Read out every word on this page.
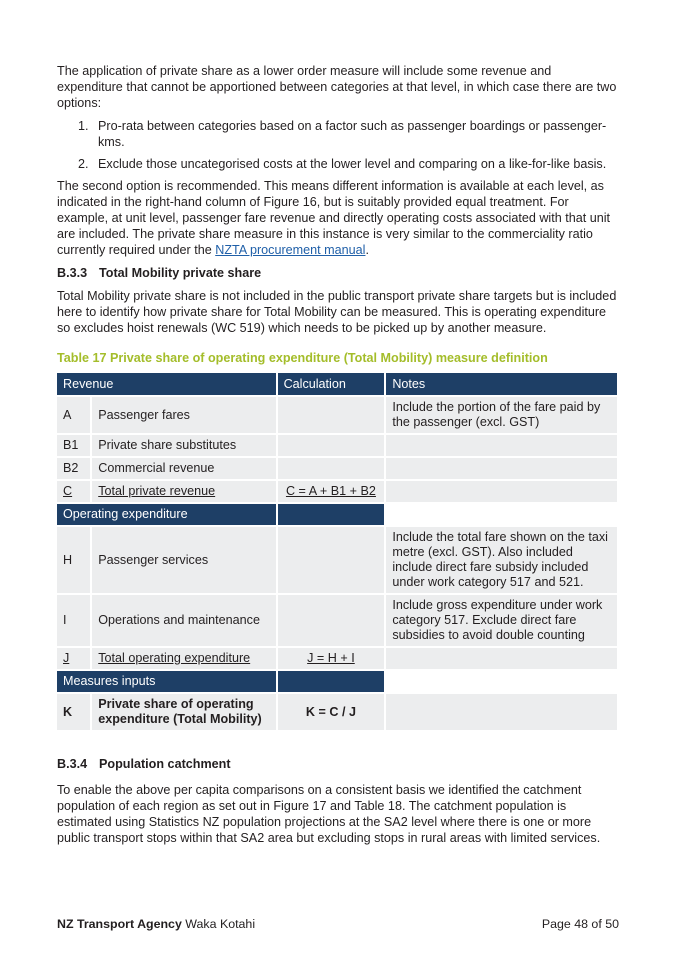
The application of private share as a lower order measure will include some revenue and expenditure that cannot be apportioned between categories at that level, in which case there are two options:

1. Pro-rata between categories based on a factor such as passenger boardings or passenger-kms.
2. Exclude those uncategorised costs at the lower level and comparing on a like-for-like basis.

The second option is recommended. This means different information is available at each level, as indicated in the right-hand column of Figure 16, but is suitably provided equal treatment. For example, at unit level, passenger fare revenue and directly operating costs associated with that unit are included. The private share measure in this instance is very similar to the commerciality ratio currently required under the NZTA procurement manual.

B.3.3 Total Mobility private share

Total Mobility private share is not included in the public transport private share targets but is included here to identify how private share for Total Mobility can be measured. This is operating expenditure so excludes hoist renewals (WC 519) which needs to be picked up by another measure.

Table 17 Private share of operating expenditure (Total Mobility) measure definition
Revenue		Calculation	Notes
A	Passenger fares		Include the portion of the fare paid by the passenger (excl. GST)
B1	Private share substitutes		
B2	Commercial revenue		
C	Total private revenue	C = A + B1 + B2	
Operating expenditure			
H	Passenger services		Include the total fare shown on the taxi metre (excl. GST). Also included include direct fare subsidy included under work category 517 and 521.
I	Operations and maintenance		Include gross expenditure under work category 517. Exclude direct fare subsidies to avoid double counting
J	Total operating expenditure	J = H + I	
Measures inputs			
K	Private share of operating expenditure (Total Mobility)	K = C / J	
B.3.4 Population catchment

To enable the above per capita comparisons on a consistent basis we identified the catchment population of each region as set out in Figure 17 and Table 18. The catchment population is estimated using Statistics NZ population projections at the SA2 level where there is one or more public transport stops within that SA2 area but excluding stops in rural areas with limited services.

NZ Transport Agency Waka Kotahi	Page 48 of 50
